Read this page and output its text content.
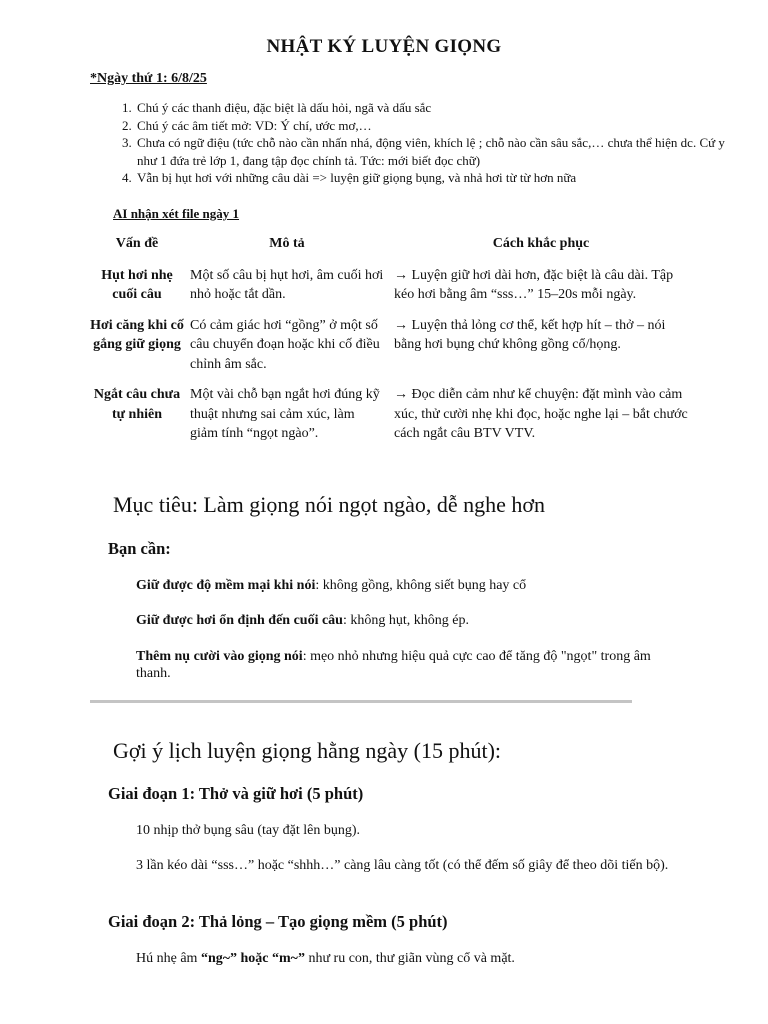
NHẬT KÝ LUYỆN GIỌNG
*Ngày thứ 1: 6/8/25
1. Chú ý các thanh điệu, đặc biệt là dấu hỏi, ngã và dấu sắc
2. Chú ý các âm tiết mở: VD: Ý chí, ước mơ,…
3. Chưa có ngữ điệu (tức chỗ nào cần nhấn nhá, động viên, khích lệ ; chỗ nào cần sâu sắc,… chưa thể hiện dc. Cứ y như 1 đứa trẻ lớp 1, đang tập đọc chính tả. Tức: mới biết đọc chữ)
4. Vẫn bị hụt hơi với những câu dài => luyện giữ giọng bụng, và nhả hơi từ từ hơn nữa
AI nhận xét file ngày 1
Vấn đề	Mô tả	Cách khắc phục
Hụt hơi nhẹ cuối câu	Một số câu bị hụt hơi, âm cuối hơi nhỏ hoặc tắt dần.	→ Luyện giữ hơi dài hơn, đặc biệt là câu dài. Tập kéo hơi bằng âm “sss…” 15–20s mỗi ngày.
Hơi căng khi cố gắng giữ giọng	Có cảm giác hơi “gồng” ở một số câu chuyển đoạn hoặc khi cố điều chỉnh âm sắc.	→ Luyện thả lỏng cơ thể, kết hợp hít – thở – nói bằng hơi bụng chứ không gồng cổ/họng.
Ngắt câu chưa tự nhiên	Một vài chỗ bạn ngắt hơi đúng kỹ thuật nhưng sai cảm xúc, làm giảm tính “ngọt ngào”.	→ Đọc diễn cảm như kể chuyện: đặt mình vào cảm xúc, thử cười nhẹ khi đọc, hoặc nghe lại – bắt chước cách ngắt câu BTV VTV.
Mục tiêu: Làm giọng nói ngọt ngào, dễ nghe hơn
Bạn cần:
Giữ được độ mềm mại khi nói: không gồng, không siết bụng hay cổ
Giữ được hơi ổn định đến cuối câu: không hụt, không ép.
Thêm nụ cười vào giọng nói: mẹo nhỏ nhưng hiệu quả cực cao để tăng độ "ngọt" trong âm thanh.
Gợi ý lịch luyện giọng hằng ngày (15 phút):
Giai đoạn 1: Thở và giữ hơi (5 phút)
10 nhịp thở bụng sâu (tay đặt lên bụng).
3 lần kéo dài “sss…” hoặc “shhh…” càng lâu càng tốt (có thể đếm số giây để theo dõi tiến bộ).
Giai đoạn 2: Thả lỏng – Tạo giọng mềm (5 phút)
Hú nhẹ âm “ng~” hoặc “m~” như ru con, thư giãn vùng cổ và mặt.
